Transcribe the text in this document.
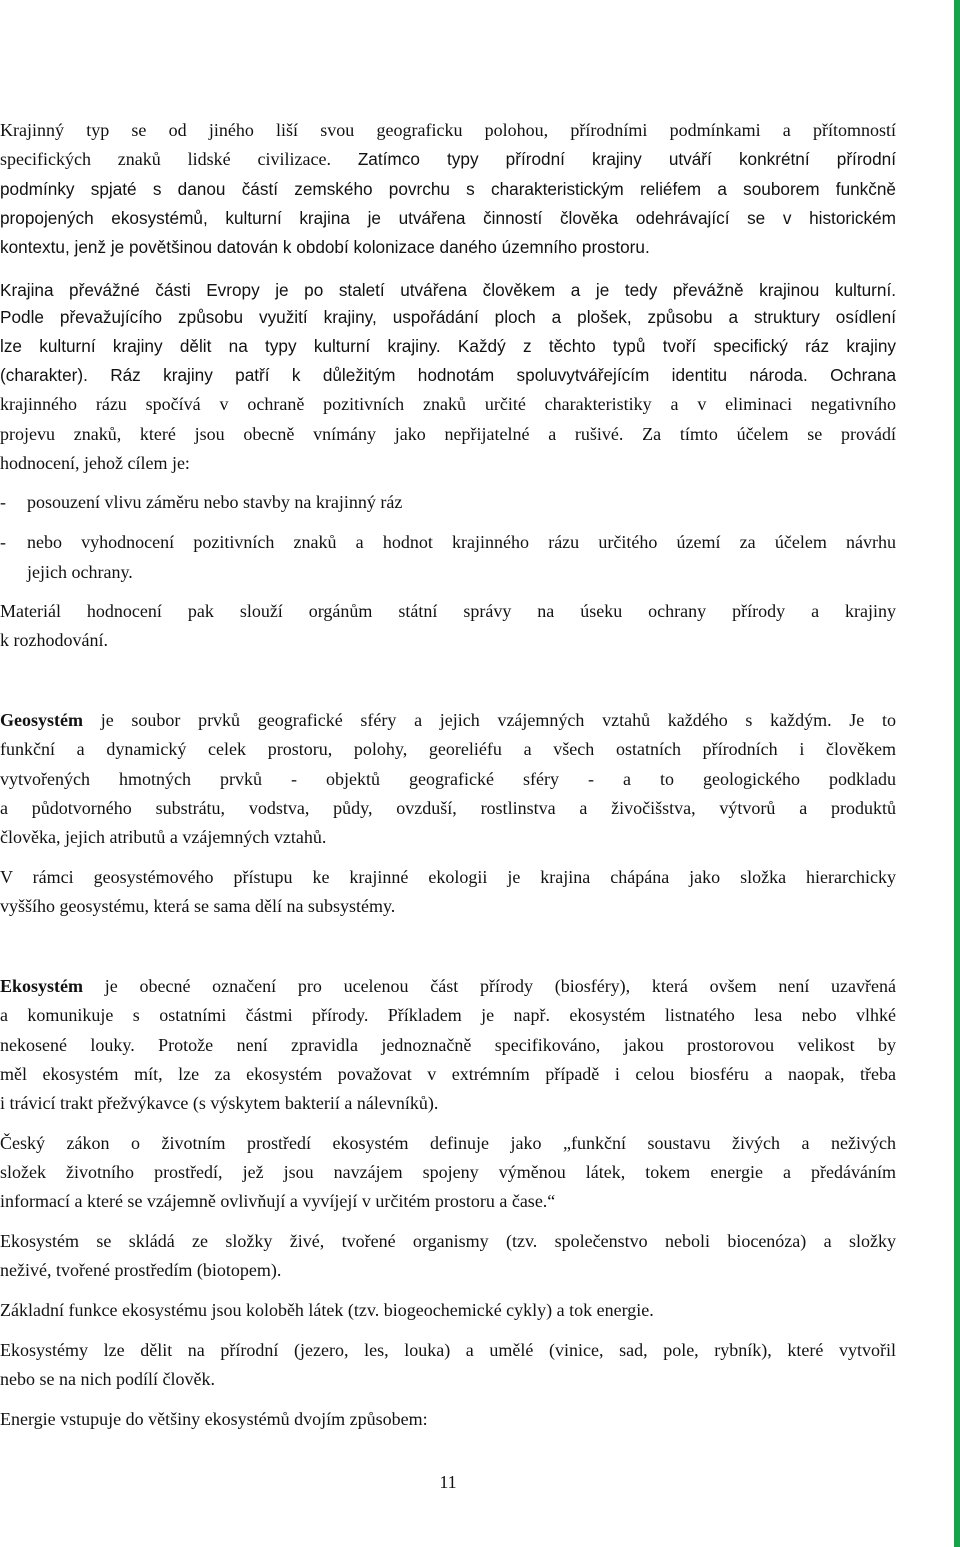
Krajinný typ se od jiného liší svou geograficku polohou, přírodními podmínkami a přítomností

specifických znaků lidské civilizace. Zatímco typy přírodní krajiny utváří konkrétní přírodní

podmínky spjaté s danou částí zemského povrchu s charakteristickým reliéfem a souborem funkčně

propojených ekosystémů, kulturní krajina je utvářena činností člověka odehrávající se v historickém

kontextu, jenž je povětšinou datován k období kolonizace daného územního prostoru.

Krajina převážné části Evropy je po staletí utvářena člověkem a je tedy převážně krajinou kulturní.

Podle převažujícího způsobu využití krajiny, uspořádání ploch a plošek, způsobu a struktury osídlení

lze kulturní krajiny dělit na typy kulturní krajiny. Každý z těchto typů tvoří specifický ráz krajiny

(charakter). Ráz krajiny patří k důležitým hodnotám spoluvytvářejícím identitu národa. Ochrana

krajinného rázu spočívá v ochraně pozitivních znaků určité charakteristiky a v eliminaci negativního

projevu znaků, které jsou obecně vnímány jako nepřijatelné a rušivé. Za tímto účelem se provádí

hodnocení, jehož cílem je:

- posouzení vlivu záměru nebo stavby na krajinný ráz
- nebo vyhodnocení pozitivních znaků a hodnot krajinného rázu určitého území za účelem návrhu
jejich ochrany.

Materiál hodnocení pak slouží orgánům státní správy na úseku ochrany přírody a krajiny

k rozhodování.

Geosystém je soubor prvků geografické sféry a jejich vzájemných vztahů každého s každým. Je to

funkční a dynamický celek prostoru, polohy, georeliéfu a všech ostatních přírodních i člověkem

vytvořených hmotných prvků - objektů geografické sféry - a to geologického podkladu

a půdotvorného substrátu, vodstva, půdy, ovzduší, rostlinstva a živočišstva, výtvorů a produktů

člověka, jejich atributů a vzájemných vztahů.

V rámci geosystémového přístupu ke krajinné ekologii je krajina chápána jako složka hierarchicky

vyššího geosystému, která se sama dělí na subsystémy.

Ekosystém je obecné označení pro ucelenou část přírody (biosféry), která ovšem není uzavřená

a komunikuje s ostatními částmi přírody. Příkladem je např. ekosystém listnatého lesa nebo vlhké

nekosené louky. Protože není zpravidla jednoznačně specifikováno, jakou prostorovou velikost by

měl ekosystém mít, lze za ekosystém považovat v extrémním případě i celou biosféru a naopak, třeba

i trávicí trakt přežvýkavce (s výskytem bakterií a nálevníků).

Český zákon o životním prostředí ekosystém definuje jako „funkční soustavu živých a neživých

složek životního prostředí, jež jsou navzájem spojeny výměnou látek, tokem energie a předáváním

informací a které se vzájemně ovlivňují a vyvíjejí v určitém prostoru a čase.“

Ekosystém se skládá ze složky živé, tvořené organismy (tzv. společenstvo neboli biocenóza) a složky

neživé, tvořené prostředím (biotopem).

Základní funkce ekosystému jsou koloběh látek (tzv. biogeochemické cykly) a tok energie.

Ekosystémy lze dělit na přírodní (jezero, les, louka) a umělé (vinice, sad, pole, rybník), které vytvořil

nebo se na nich podílí člověk.

Energie vstupuje do většiny ekosystémů dvojím způsobem:

11
